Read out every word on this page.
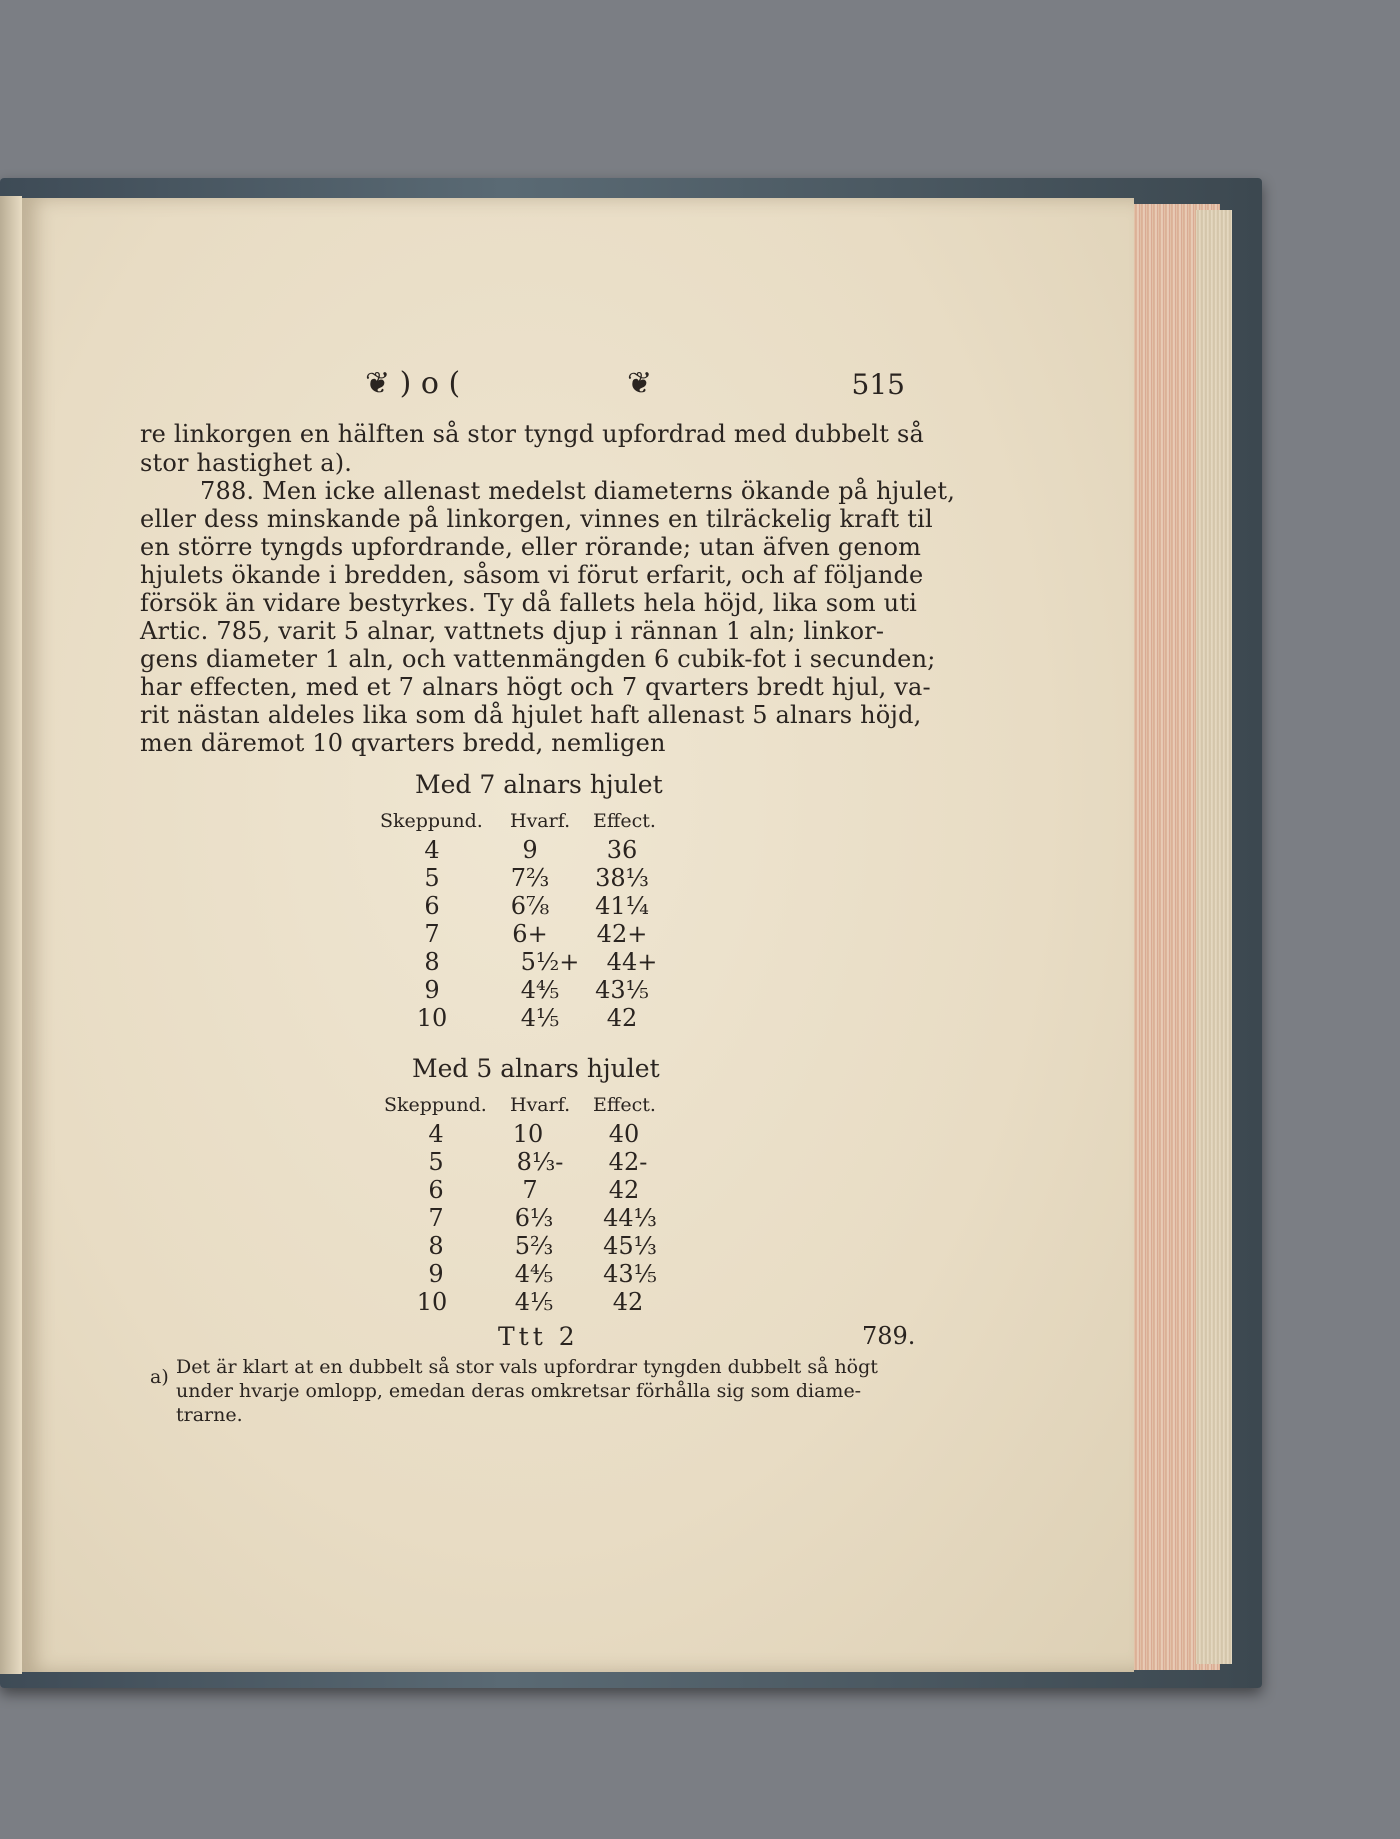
❦ ) o (	❦	515
re linkorgen en hälften så stor tyngd upfordrad med dubbelt så
stor hastighet a).
788. Men icke allenast medelst diameterns ökande på hjulet,
eller dess minskande på linkorgen, vinnes en tilräckelig kraft til
en större tyngds upfordrande, eller rörande; utan äfven genom
hjulets ökande i bredden, såsom vi förut erfarit, och af följande
försök än vidare bestyrkes. Ty då fallets hela höjd, lika som uti
Artic. 785, varit 5 alnar, vattnets djup i rännan 1 aln; linkor-
gens diameter 1 aln, och vattenmängden 6 cubik-fot i secunden;
har effecten, med et 7 alnars högt och 7 qvarters bredt hjul, va-
rit nästan aldeles lika som då hjulet haft allenast 5 alnars höjd,
men däremot 10 qvarters bredd, nemligen
Med 7 alnars hjulet
Skeppund. Hvarf. Effect.
4	9	36
5	7⅔	38⅓
6	6⅞	41¼
7	6+	42+
8	5½+	44+
9	4⅘	43⅕
10	4⅕	42
Med 5 alnars hjulet
Skeppund. Hvarf. Effect.
4	10	40
5	8⅓-	42-
6	7	42
7	6⅓	44⅓
8	5⅔	45⅓
9	4⅘	43⅕
10	4⅕	42
Ttt 2	789.
a) Det är klart at en dubbelt så stor vals upfordrar tyngden dubbelt så högt
under hvarje omlopp, emedan deras omkretsar förhålla sig som diame-
trarne.
